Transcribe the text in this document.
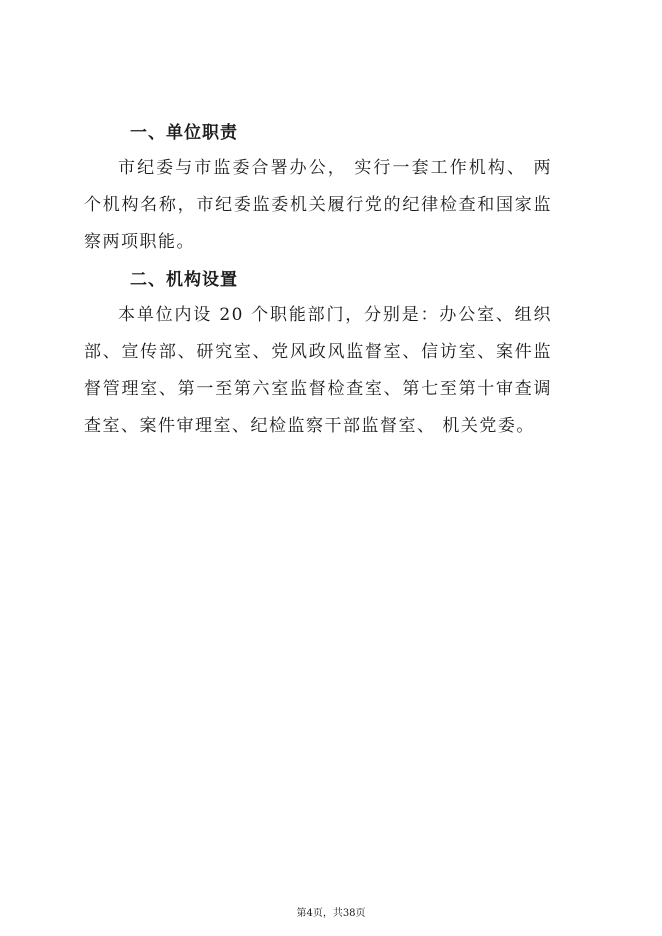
一、单位职责

市纪委与市监委合署办公， 实行一套工作机构、 两个机构名称，市纪委监委机关履行党的纪律检查和国家监察两项职能。

二、机构设置

本单位内设 20 个职能部门，分别是：办公室、组织部、宣传部、研究室、党风政风监督室、信访室、案件监督管理室、第一至第六室监督检查室、第七至第十审查调查室、案件审理室、纪检监察干部监督室、 机关党委。

第4页，共38页
